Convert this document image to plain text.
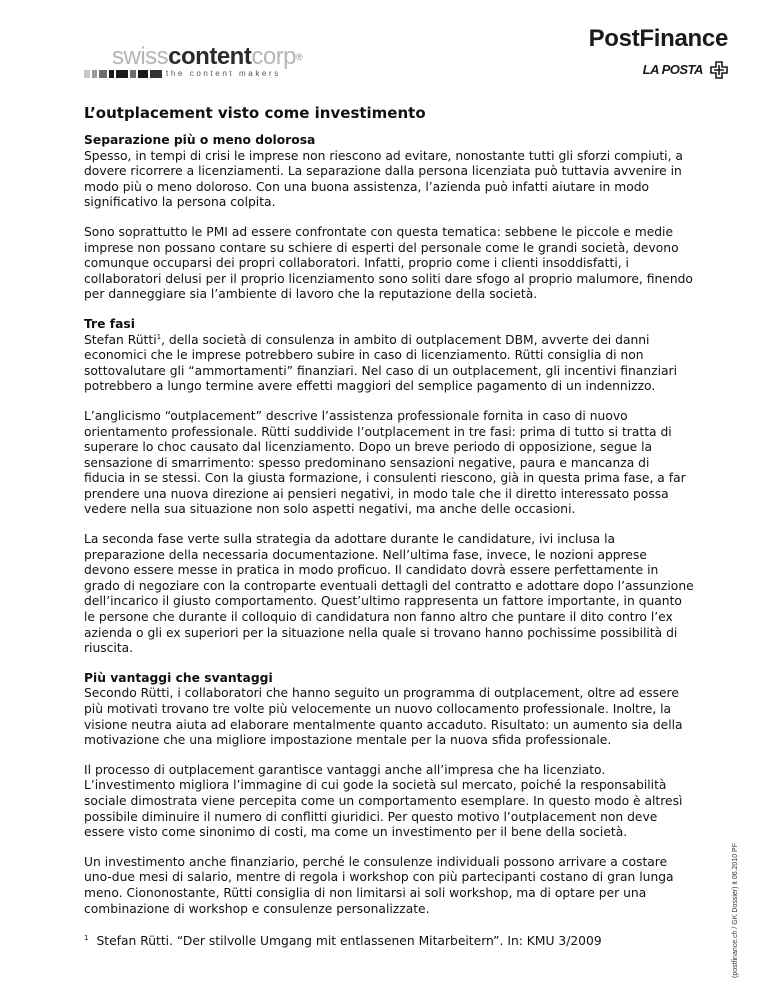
swisscontentcorp®
the content makers
PostFinance
LA POSTA
L’outplacement visto come investimento

Separazione più o meno dolorosa

Spesso, in tempi di crisi le imprese non riescono ad evitare, nonostante tutti gli sforzi compiuti, a dovere ricorrere a licenziamenti. La separazione dalla persona licenziata può tuttavia avvenire in modo più o meno doloroso. Con una buona assistenza, l’azienda può infatti aiutare in modo significativo la persona colpita.

Sono soprattutto le PMI ad essere confrontate con questa tematica: sebbene le piccole e medie imprese non possano contare su schiere di esperti del personale come le grandi società, devono comunque occuparsi dei propri collaboratori. Infatti, proprio come i clienti insoddisfatti, i collaboratori delusi per il proprio licenziamento sono soliti dare sfogo al proprio malumore, finendo per danneggiare sia l’ambiente di lavoro che la reputazione della società.

Tre fasi

Stefan Rütti$^1$, della società di consulenza in ambito di outplacement DBM, avverte dei danni economici che le imprese potrebbero subire in caso di licenziamento. Rütti consiglia di non sottovalutare gli “ammortamenti” finanziari. Nel caso di un outplacement, gli incentivi finanziari potrebbero a lungo termine avere effetti maggiori del semplice pagamento di un indennizzo.

L’anglicismo “outplacement” descrive l’assistenza professionale fornita in caso di nuovo orientamento professionale. Rütti suddivide l’outplacement in tre fasi: prima di tutto si tratta di superare lo choc causato dal licenziamento. Dopo un breve periodo di opposizione, segue la sensazione di smarrimento: spesso predominano sensazioni negative, paura e mancanza di fiducia in se stessi. Con la giusta formazione, i consulenti riescono, già in questa prima fase, a far prendere una nuova direzione ai pensieri negativi, in modo tale che il diretto interessato possa vedere nella sua situazione non solo aspetti negativi, ma anche delle occasioni.

La seconda fase verte sulla strategia da adottare durante le candidature, ivi inclusa la preparazione della necessaria documentazione. Nell’ultima fase, invece, le nozioni apprese devono essere messe in pratica in modo proficuo. Il candidato dovrà essere perfettamente in grado di negoziare con la controparte eventuali dettagli del contratto e adottare dopo l’assunzione dell’incarico il giusto comportamento. Quest’ultimo rappresenta un fattore importante, in quanto le persone che durante il colloquio di candidatura non fanno altro che puntare il dito contro l’ex azienda o gli ex superiori per la situazione nella quale si trovano hanno pochissime possibilità di riuscita.

Più vantaggi che svantaggi

Secondo Rütti, i collaboratori che hanno seguito un programma di outplacement, oltre ad essere più motivati trovano tre volte più velocemente un nuovo collocamento professionale. Inoltre, la visione neutra aiuta ad elaborare mentalmente quanto accaduto. Risultato: un aumento sia della motivazione che una migliore impostazione mentale per la nuova sfida professionale.

Il processo di outplacement garantisce vantaggi anche all’impresa che ha licenziato. L’investimento migliora l’immagine di cui gode la società sul mercato, poiché la responsabilità sociale dimostrata viene percepita come un comportamento esemplare. In questo modo è altresì possibile diminuire il numero di conflitti giuridici. Per questo motivo l’outplacement non deve essere visto come sinonimo di costi, ma come un investimento per il bene della società.

Un investimento anche finanziario, perché le consulenze individuali possono arrivare a costare uno-due mesi di salario, mentre di regola i workshop con più partecipanti costano di gran lunga meno. Ciononostante, Rütti consiglia di non limitarsi ai soli workshop, ma di optare per una combinazione di workshop e consulenze personalizzate.

$^1$ Stefan Rütti. “Der stilvolle Umgang mit entlassenen Mitarbeitern”. In: KMU 3/2009	(postfinance.ch / GK Dossier) it 06.2010 PF
